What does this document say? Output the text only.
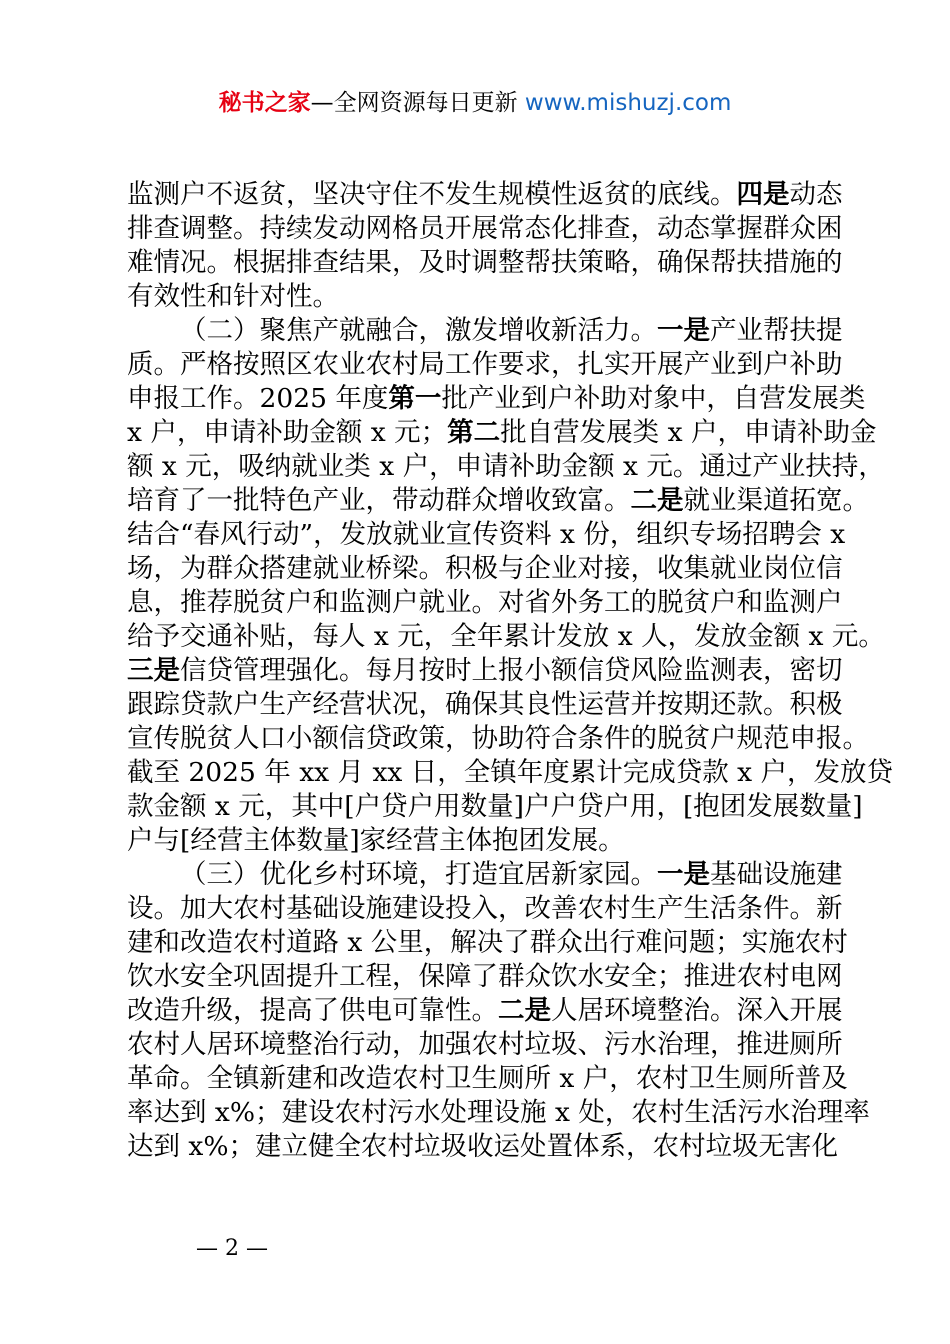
秘书之家—全网资源每日更新 www.mishuzj.com
监测户不返贫，坚决守住不发生规模性返贫的底线。四是动态
排查调整。持续发动网格员开展常态化排查，动态掌握群众困
难情况。根据排查结果，及时调整帮扶策略，确保帮扶措施的
有效性和针对性。
（二）聚焦产就融合，激发增收新活力。一是产业帮扶提
质。严格按照区农业农村局工作要求，扎实开展产业到户补助
申报工作。2025 年度第一批产业到户补助对象中，自营发展类
x 户，申请补助金额 x 元；第二批自营发展类 x 户，申请补助金
额 x 元，吸纳就业类 x 户，申请补助金额 x 元。通过产业扶持，
培育了一批特色产业，带动群众增收致富。二是就业渠道拓宽。
结合“春风行动”，发放就业宣传资料 x 份，组织专场招聘会 x
场，为群众搭建就业桥梁。积极与企业对接，收集就业岗位信
息，推荐脱贫户和监测户就业。对省外务工的脱贫户和监测户
给予交通补贴，每人 x 元，全年累计发放 x 人，发放金额 x 元。
三是信贷管理强化。每月按时上报小额信贷风险监测表，密切
跟踪贷款户生产经营状况，确保其良性运营并按期还款。积极
宣传脱贫人口小额信贷政策，协助符合条件的脱贫户规范申报。
截至 2025 年 xx 月 xx 日，全镇年度累计完成贷款 x 户，发放贷
款金额 x 元，其中[户贷户用数量]户户贷户用，[抱团发展数量]
户与[经营主体数量]家经营主体抱团发展。
（三）优化乡村环境，打造宜居新家园。一是基础设施建
设。加大农村基础设施建设投入，改善农村生产生活条件。新
建和改造农村道路 x 公里，解决了群众出行难问题；实施农村
饮水安全巩固提升工程，保障了群众饮水安全；推进农村电网
改造升级，提高了供电可靠性。二是人居环境整治。深入开展
农村人居环境整治行动，加强农村垃圾、污水治理，推进厕所
革命。全镇新建和改造农村卫生厕所 x 户，农村卫生厕所普及
率达到 x%；建设农村污水处理设施 x 处，农村生活污水治理率
达到 x%；建立健全农村垃圾收运处置体系，农村垃圾无害化
— 2 —
